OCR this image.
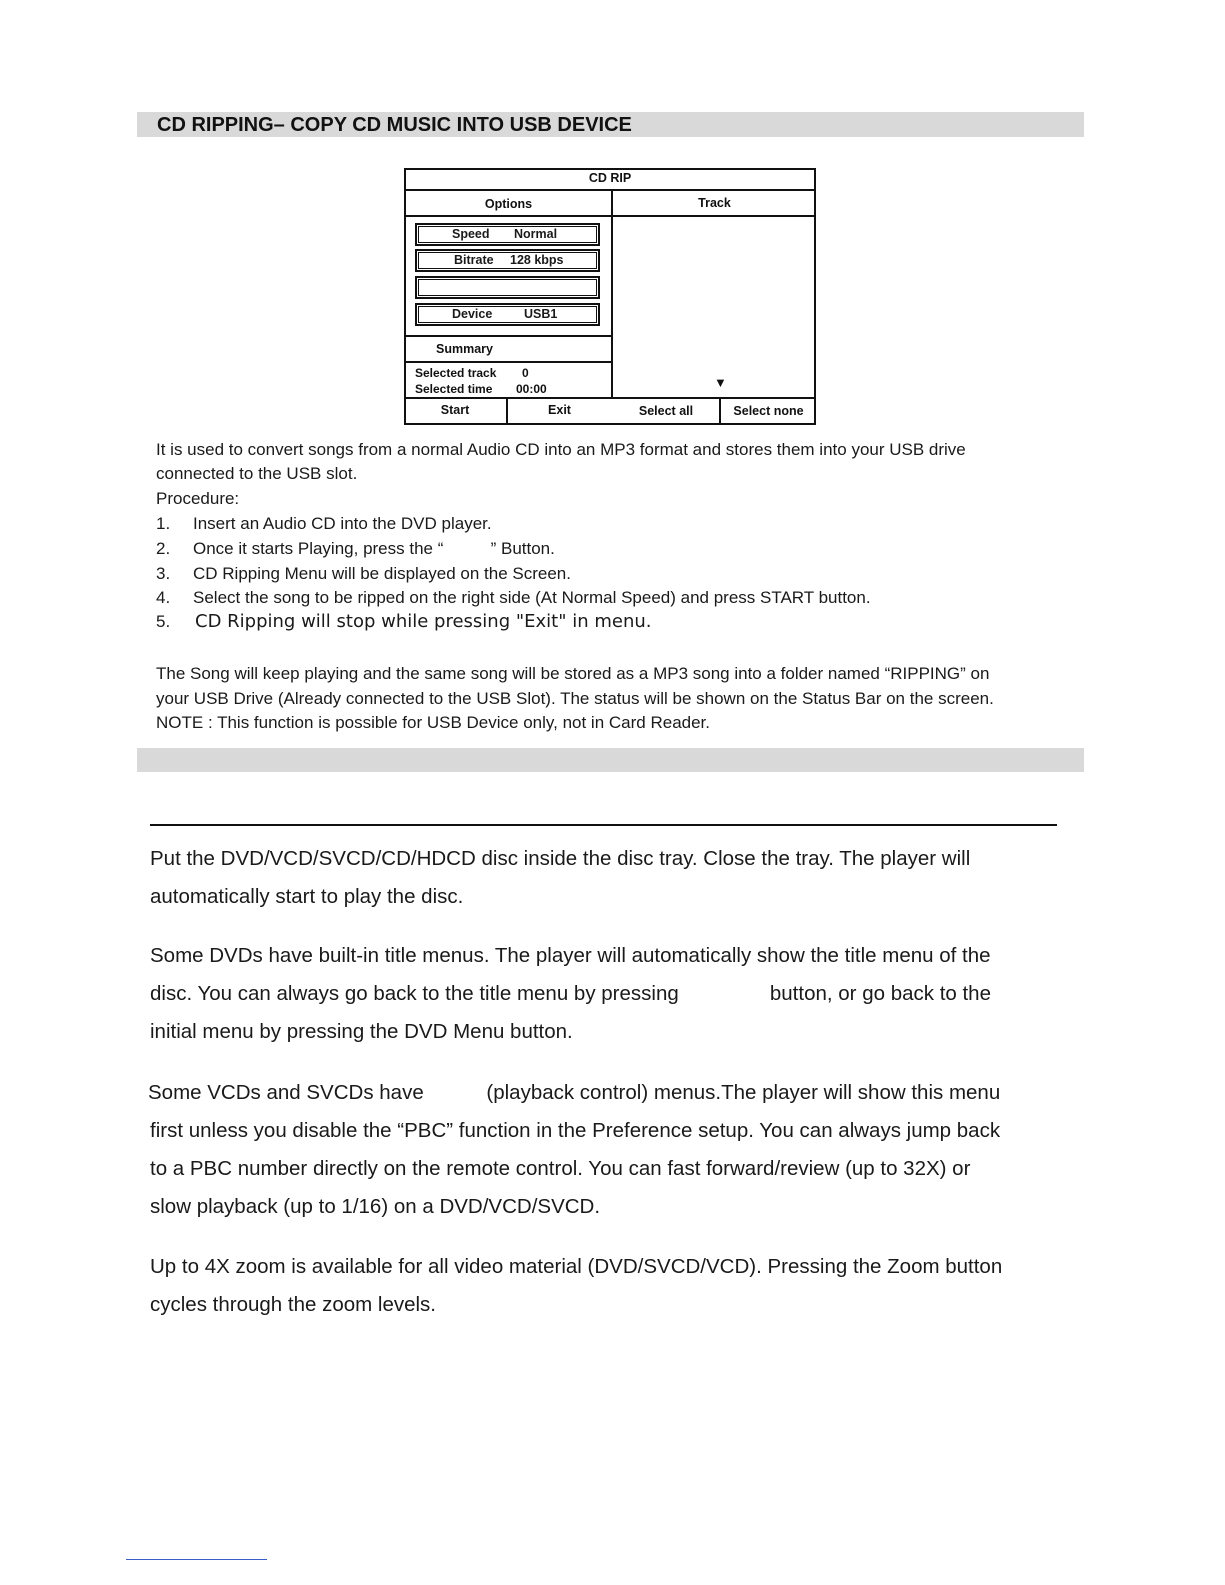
CD RIPPING– COPY CD MUSIC INTO USB DEVICE
CD RIP
Options	Track
Speed Normal
Bitrate 128 kbps
Device	USB1
Summary
Selected track 0
Selected time 00:00	▼
Start	Exit	Select all	Select none
It is used to convert songs from a normal Audio CD into an MP3 format and stores them into your USB drive
connected to the USB slot.
Procedure:
1. Insert an Audio CD into the DVD player.
2. Once it starts Playing, press the “          ” Button.
3. CD Ripping Menu will be displayed on the Screen.
4. Select the song to be ripped on the right side (At Normal Speed) and press START button.
5. CD Ripping will stop while pressing "Exit" in menu.
The Song will keep playing and the same song will be stored as a MP3 song into a folder named “RIPPING” on
your USB Drive (Already connected to the USB Slot). The status will be shown on the Status Bar on the screen.
NOTE : This function is possible for USB Device only, not in Card Reader.
Put the DVD/VCD/SVCD/CD/HDCD disc inside the disc tray. Close the tray. The player will
automatically start to play the disc.
Some DVDs have built-in title menus. The player will automatically show the title menu of the
disc. You can always go back to the title menu by pressing                button, or go back to the
initial menu by pressing the DVD Menu button.
Some VCDs and SVCDs have           (playback control) menus.The player will show this menu
first unless you disable the “PBC” function in the Preference setup. You can always jump back
to a PBC number directly on the remote control. You can fast forward/review (up to 32X) or
slow playback (up to 1/16) on a DVD/VCD/SVCD.
Up to 4X zoom is available for all video material (DVD/SVCD/VCD). Pressing the Zoom button
cycles through the zoom levels.
